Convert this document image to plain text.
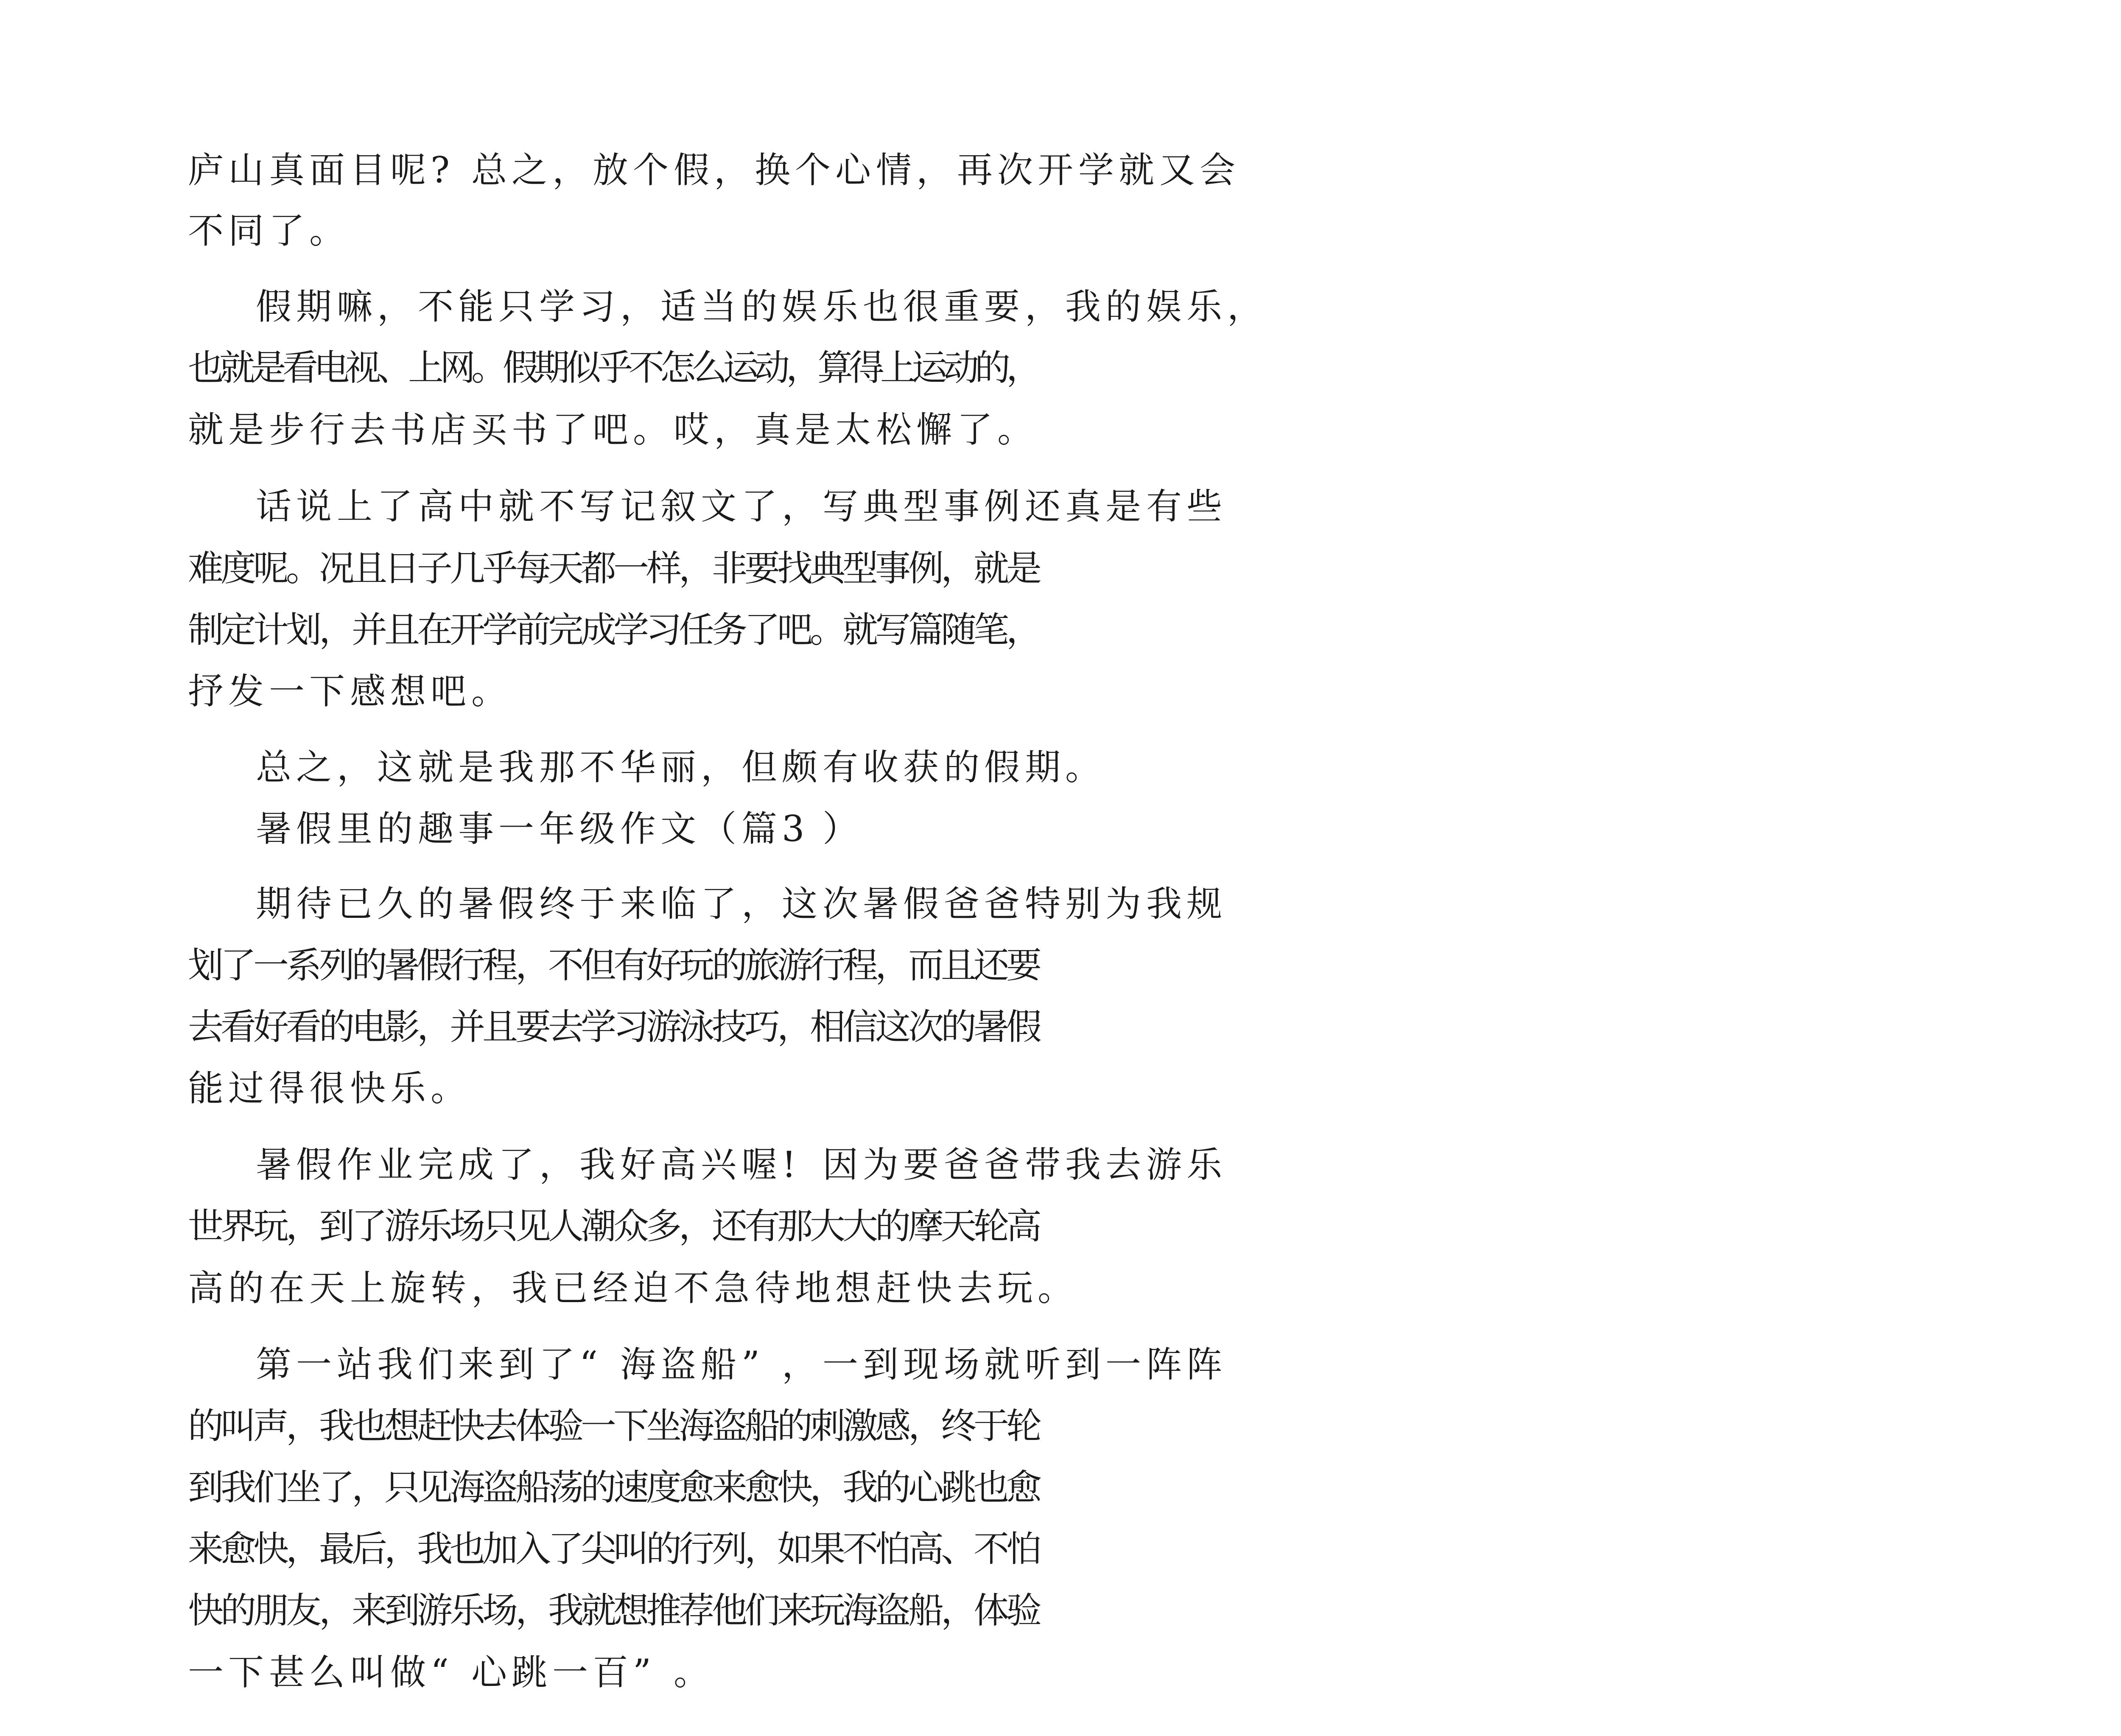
庐 山 真 面 目 呢 ? 总 之 ， 放 个 假 ， 换 个 心 情 ， 再 次 开 学 就 又 会

不 同 了 。

假 期 嘛 ， 不 能 只 学 习 ， 适 当 的 娱 乐 也 很 重 要 ， 我 的 娱 乐 ，

也
就
是
看
电
视
、
上
网
。
假
期
似
乎
不
怎
么
运
动
，
算
得
上
运
动
的
，

就 是 步 行 去 书 店 买 书 了 吧 。 哎 ， 真 是 太 松 懈 了 。

话 说 上 了 高 中 就 不 写 记 叙 文 了 ， 写 典 型 事 例 还 真 是 有 些

难
度
呢
。
况
且
日
子
几
乎
每
天
都
一
样
，
非
要
找
典
型
事
例
，
就
是

制
定
计
划
，
并
且
在
开
学
前
完
成
学
习
任
务
了
吧
。
就
写
篇
随
笔
，

抒 发 一 下 感 想 吧 。

总 之 ， 这 就 是 我 那 不 华 丽 ， 但 颇 有 收 获 的 假 期 。

暑 假 里 的 趣 事 一 年 级 作 文 （ 篇 3 ）

期 待 已 久 的 暑 假 终 于 来 临 了 ， 这 次 暑 假 爸 爸 特 别 为 我 规

划
了
一
系
列
的
暑
假
行
程
，
不
但
有
好
玩
的
旅
游
行
程
，
而
且
还
要

去
看
好
看
的
电
影
，
并
且
要
去
学
习
游
泳
技
巧
，
相
信
这
次
的
暑
假

能 过 得 很 快 乐 。

暑 假 作 业 完 成 了 ， 我 好 高 兴 喔 ! 因 为 要 爸 爸 带 我 去 游 乐

世
界
玩
，
到
了
游
乐
场
只
见
人
潮
众
多
，
还
有
那
大
大
的
摩
天
轮
高

高 的 在 天 上 旋 转 ， 我 已 经 迫 不 急 待 地 想 赶 快 去 玩 。

第 一 站 我 们 来 到 了 “ 海 盗 船 ” ， 一 到 现 场 就 听 到 一 阵 阵

的
叫
声
，
我
也
想
赶
快
去
体
验
一
下
坐
海
盗
船
的
刺
激
感
，
终
于
轮

到
我
们
坐
了
，
只
见
海
盗
船
荡
的
速
度
愈
来
愈
快
，
我
的
心
跳
也
愈

来
愈
快
，
最
后
，
我
也
加
入
了
尖
叫
的
行
列
，
如
果
不
怕
高
、
不
怕

快
的
朋
友
，
来
到
游
乐
场
，
我
就
想
推
荐
他
们
来
玩
海
盗
船
，
体
验

一 下 甚 么 叫 做 “ 心 跳 一 百 ” 。
